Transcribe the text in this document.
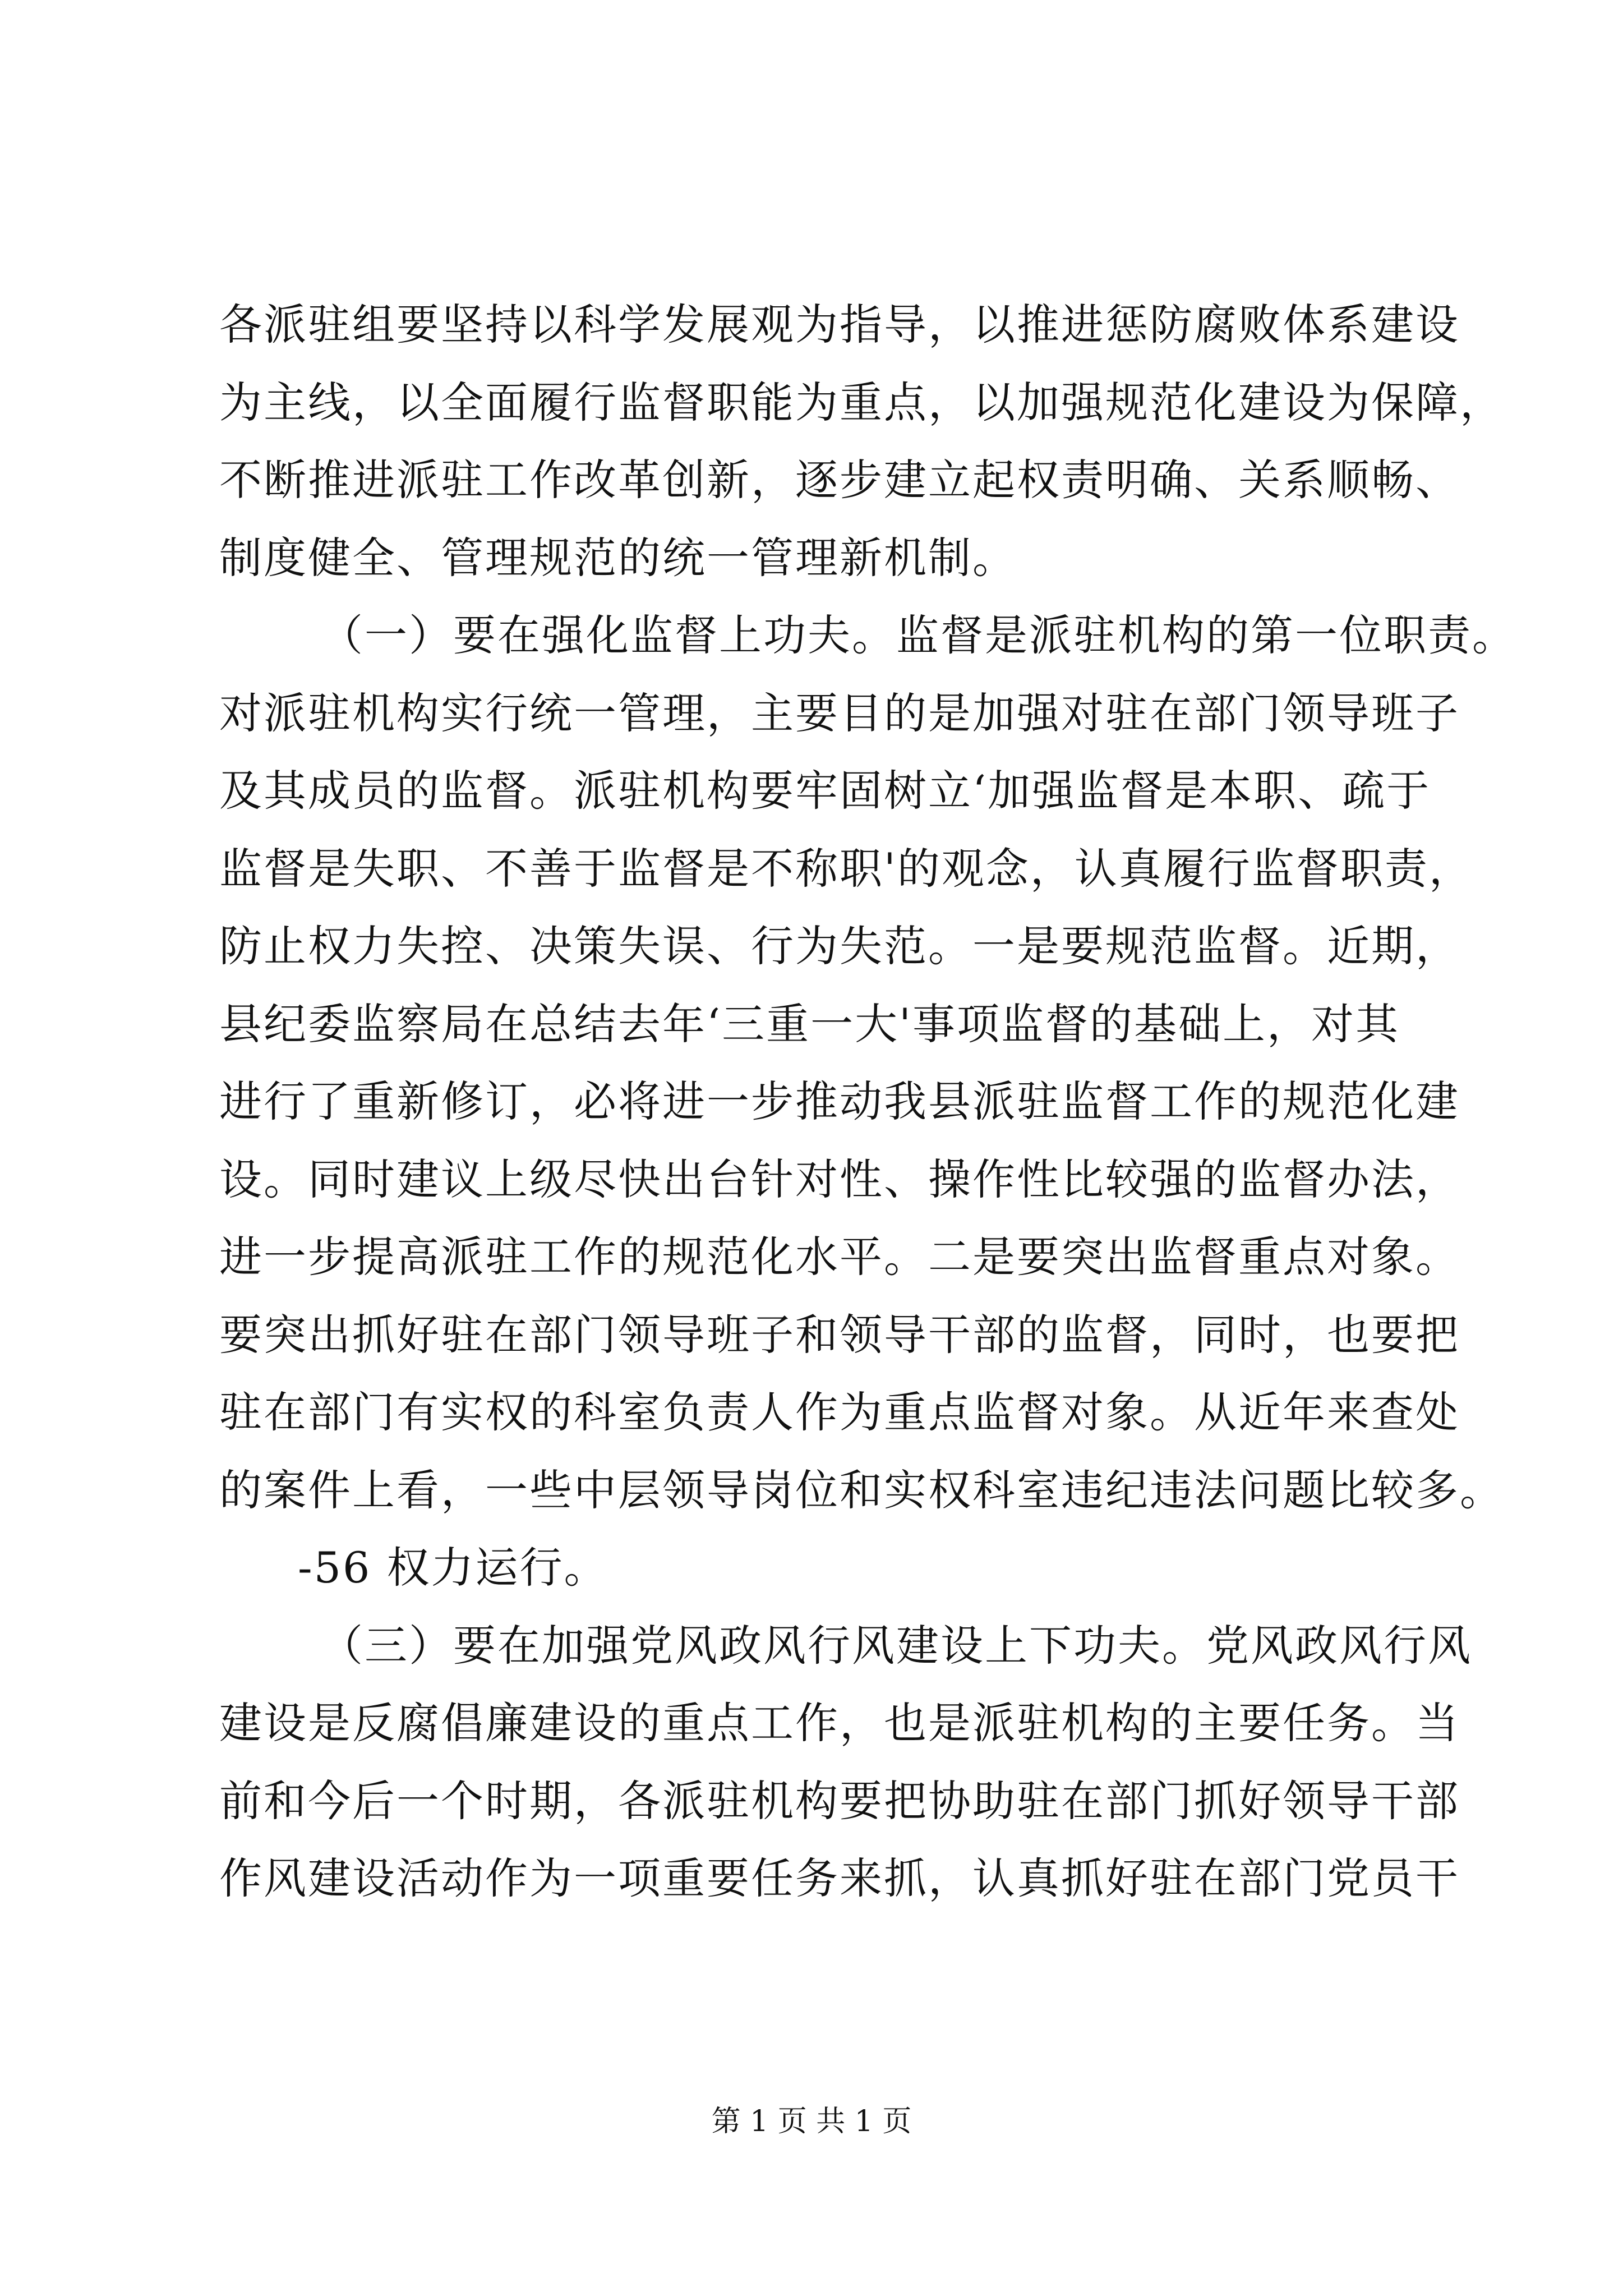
各派驻组要坚持以科学发展观为指导，以推进惩防腐败体系建设
为主线，以全面履行监督职能为重点，以加强规范化建设为保障，
不断推进派驻工作改革创新，逐步建立起权责明确、关系顺畅、
制度健全、管理规范的统一管理新机制。
（一）要在强化监督上功夫。监督是派驻机构的第一位职责。
对派驻机构实行统一管理，主要目的是加强对驻在部门领导班子
及其成员的监督。派驻机构要牢固树立‘加强监督是本职、疏于
监督是失职、不善于监督是不称职'的观念，认真履行监督职责，
防止权力失控、决策失误、行为失范。一是要规范监督。近期，
县纪委监察局在总结去年‘三重一大'事项监督的基础上，对其
进行了重新修订，必将进一步推动我县派驻监督工作的规范化建
设。同时建议上级尽快出台针对性、操作性比较强的监督办法，
进一步提高派驻工作的规范化水平。二是要突出监督重点对象。
要突出抓好驻在部门领导班子和领导干部的监督，同时，也要把
驻在部门有实权的科室负责人作为重点监督对象。从近年来查处
的案件上看，一些中层领导岗位和实权科室违纪违法问题比较多。
-56 权力运行。
（三）要在加强党风政风行风建设上下功夫。党风政风行风
建设是反腐倡廉建设的重点工作，也是派驻机构的主要任务。当
前和今后一个时期，各派驻机构要把协助驻在部门抓好领导干部
作风建设活动作为一项重要任务来抓，认真抓好驻在部门党员干
第 1 页 共 1 页
